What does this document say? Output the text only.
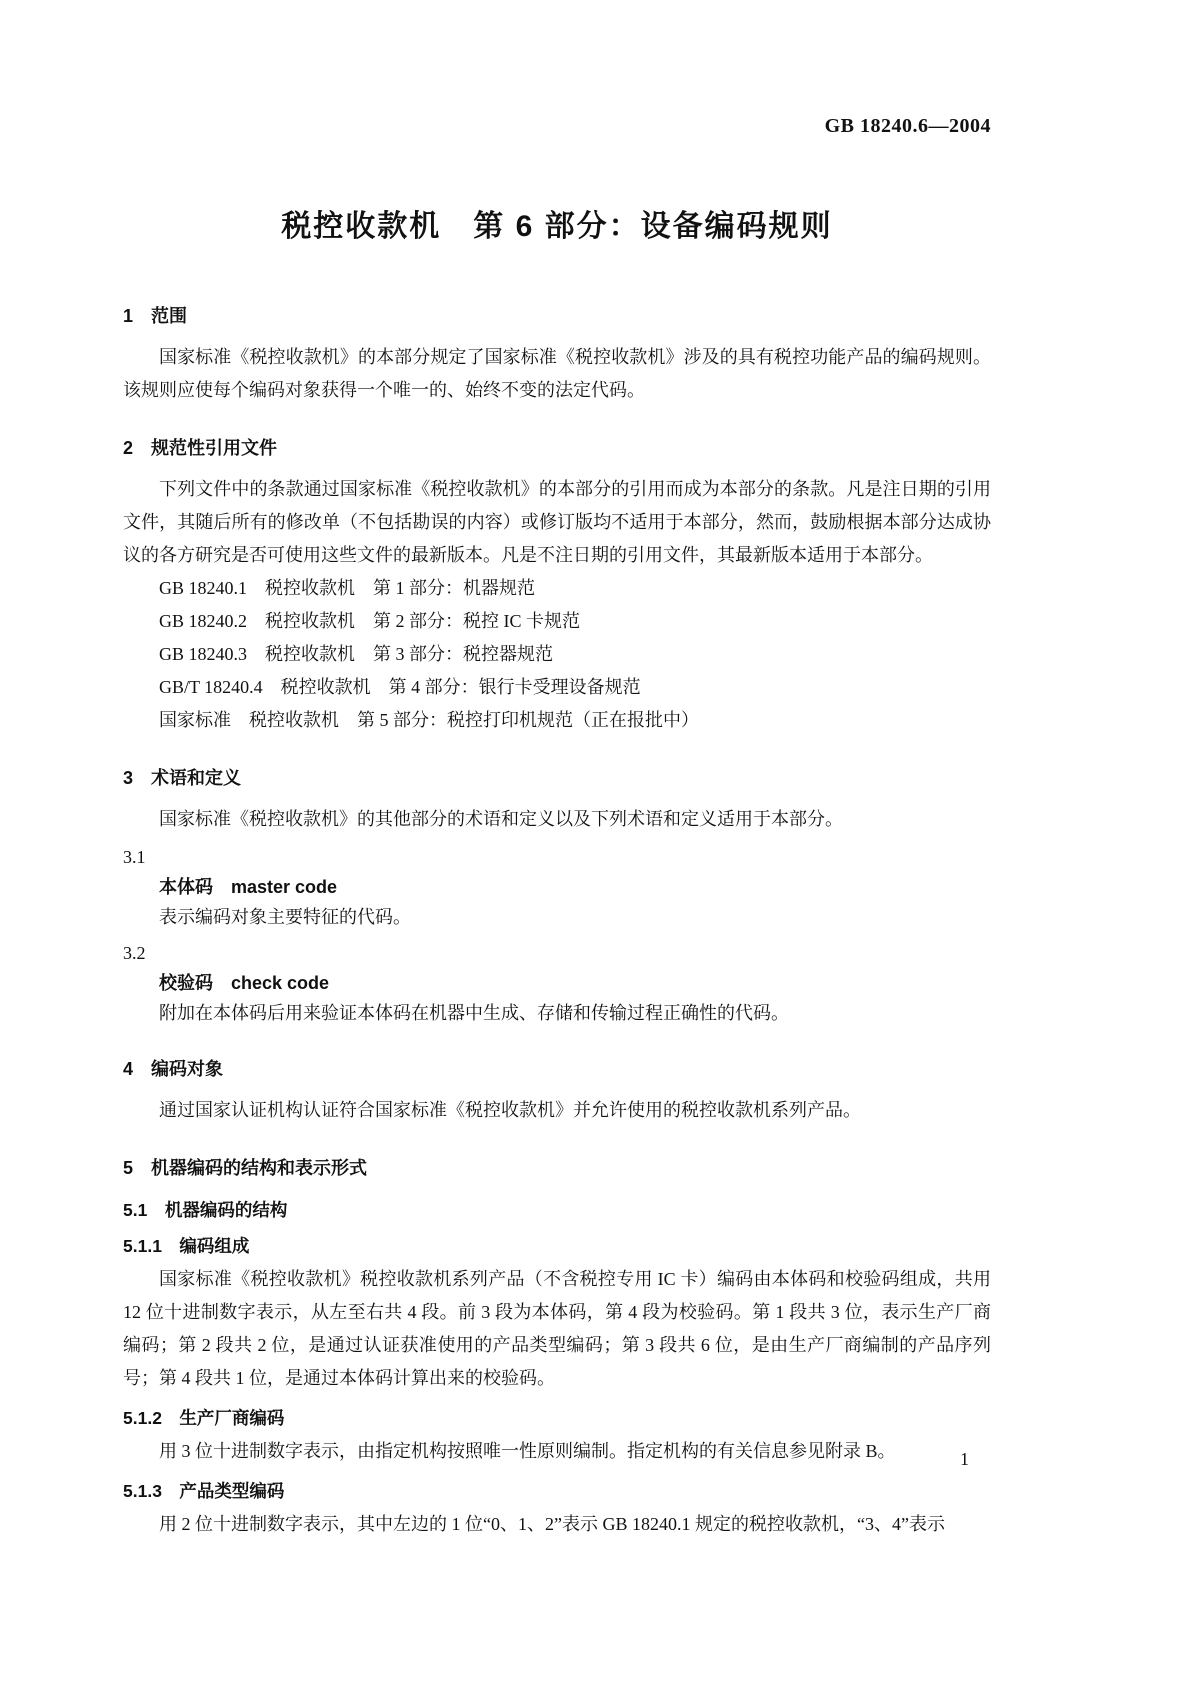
GB 18240.6—2004
税控收款机　第 6 部分：设备编码规则
1　范围
国家标准《税控收款机》的本部分规定了国家标准《税控收款机》涉及的具有税控功能产品的编码规则。该规则应使每个编码对象获得一个唯一的、始终不变的法定代码。
2　规范性引用文件
下列文件中的条款通过国家标准《税控收款机》的本部分的引用而成为本部分的条款。凡是注日期的引用文件，其随后所有的修改单（不包括勘误的内容）或修订版均不适用于本部分，然而，鼓励根据本部分达成协议的各方研究是否可使用这些文件的最新版本。凡是不注日期的引用文件，其最新版本适用于本部分。
GB 18240.1　税控收款机　第 1 部分：机器规范
GB 18240.2　税控收款机　第 2 部分：税控 IC 卡规范
GB 18240.3　税控收款机　第 3 部分：税控器规范
GB/T 18240.4　税控收款机　第 4 部分：银行卡受理设备规范
国家标准　税控收款机　第 5 部分：税控打印机规范（正在报批中）
3　术语和定义
国家标准《税控收款机》的其他部分的术语和定义以及下列术语和定义适用于本部分。
3.1
本体码　master code
表示编码对象主要特征的代码。
3.2
校验码　check code
附加在本体码后用来验证本体码在机器中生成、存储和传输过程正确性的代码。
4　编码对象
通过国家认证机构认证符合国家标准《税控收款机》并允许使用的税控收款机系列产品。
5　机器编码的结构和表示形式
5.1　机器编码的结构
5.1.1　编码组成
国家标准《税控收款机》税控收款机系列产品（不含税控专用 IC 卡）编码由本体码和校验码组成，共用 12 位十进制数字表示，从左至右共 4 段。前 3 段为本体码，第 4 段为校验码。第 1 段共 3 位，表示生产厂商编码；第 2 段共 2 位，是通过认证获准使用的产品类型编码；第 3 段共 6 位，是由生产厂商编制的产品序列号；第 4 段共 1 位，是通过本体码计算出来的校验码。
5.1.2　生产厂商编码
用 3 位十进制数字表示，由指定机构按照唯一性原则编制。指定机构的有关信息参见附录 B。
5.1.3　产品类型编码
用 2 位十进制数字表示，其中左边的 1 位“0、1、2”表示 GB 18240.1 规定的税控收款机，“3、4”表示
1
